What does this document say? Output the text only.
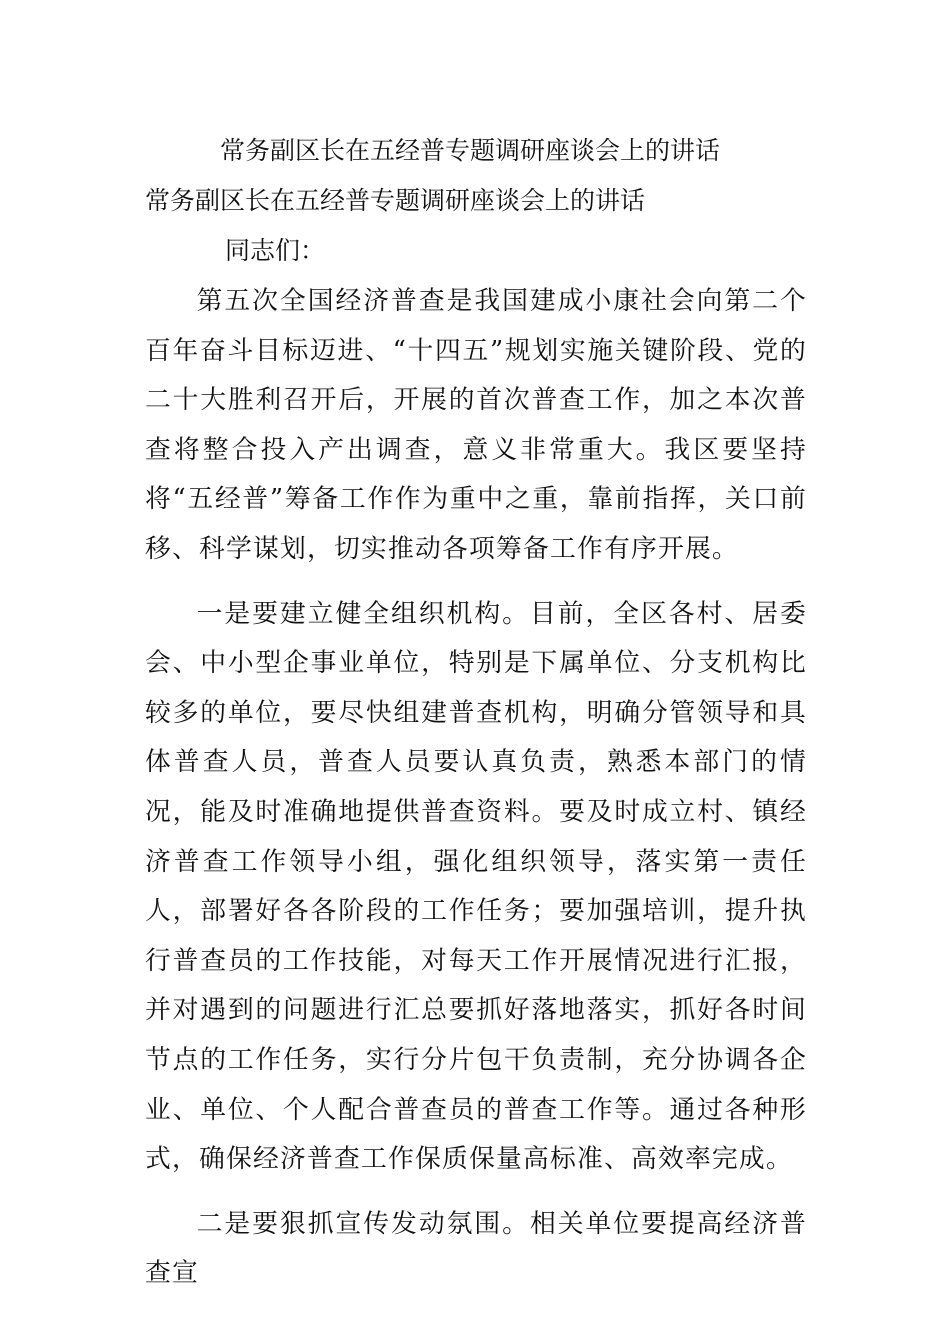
常务副区长在五经普专题调研座谈会上的讲话
常务副区长在五经普专题调研座谈会上的讲话

同志们：

第五次全国经济普查是我国建成小康社会向第二个百年奋斗目标迈进、“十四五”规划实施关键阶段、党的二十大胜利召开后，开展的首次普查工作，加之本次普查将整合投入产出调查，意义非常重大。我区要坚持将“五经普”筹备工作作为重中之重，靠前指挥，关口前移、科学谋划，切实推动各项筹备工作有序开展。

一是要建立健全组织机构。目前，全区各村、居委会、中小型企事业单位，特别是下属单位、分支机构比较多的单位，要尽快组建普查机构，明确分管领导和具体普查人员，普查人员要认真负责，熟悉本部门的情况，能及时准确地提供普查资料。要及时成立村、镇经济普查工作领导小组，强化组织领导，落实第一责任人，部署好各各阶段的工作任务；要加强培训，提升执行普查员的工作技能，对每天工作开展情况进行汇报，并对遇到的问题进行汇总要抓好落地落实，抓好各时间节点的工作任务，实行分片包干负责制，充分协调各企业、单位、个人配合普查员的普查工作等。通过各种形式，确保经济普查工作保质保量高标准、高效率完成。

二是要狠抓宣传发动氛围。相关单位要提高经济普查宣
